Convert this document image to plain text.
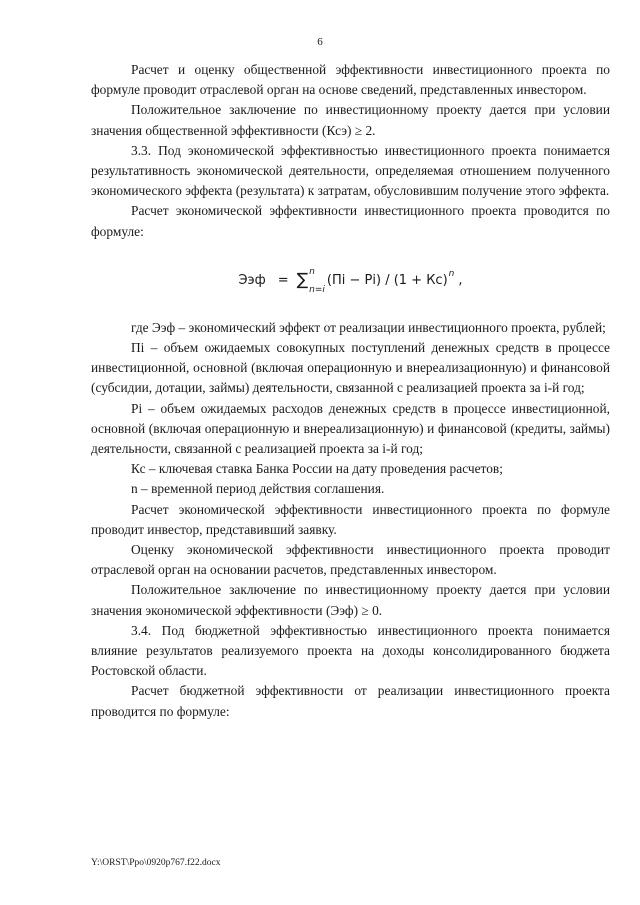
6

Расчет и оценку общественной эффективности инвестиционного проекта по формуле проводит отраслевой орган на основе сведений, представленных инвестором.

Положительное заключение по инвестиционному проекту дается при условии значения общественной эффективности (Ксэ) ≥ 2.

3.3. Под экономической эффективностью инвестиционного проекта понимается результативность экономической деятельности, определяемая отношением полученного экономического эффекта (результата) к затратам, обусловившим получение этого эффекта.

Расчет экономической эффективности инвестиционного проекта проводится по формуле:

Ээф = ∑ n
n=i
(Пi − Рi) / (1 + Кс) n ,

где Ээф – экономический эффект от реализации инвестиционного проекта, рублей;

Пi – объем ожидаемых совокупных поступлений денежных средств в процессе инвестиционной, основной (включая операционную и внереализационную) и финансовой (субсидии, дотации, займы) деятельности, связанной с реализацией проекта за i-й год;

Рi – объем ожидаемых расходов денежных средств в процессе инвестиционной, основной (включая операционную и внереализационную) и финансовой (кредиты, займы) деятельности, связанной с реализацией проекта за i-й год;

Кс – ключевая ставка Банка России на дату проведения расчетов;

n – временной период действия соглашения.

Расчет экономической эффективности инвестиционного проекта по формуле проводит инвестор, представивший заявку.

Оценку экономической эффективности инвестиционного проекта проводит отраслевой орган на основании расчетов, представленных инвестором.

Положительное заключение по инвестиционному проекту дается при условии значения экономической эффективности (Ээф) ≥ 0.

3.4. Под бюджетной эффективностью инвестиционного проекта понимается влияние результатов реализуемого проекта на доходы консолидированного бюджета Ростовской области.

Расчет бюджетной эффективности от реализации инвестиционного проекта проводится по формуле:

Y:\ORST\Ppo\0920p767.f22.docx
